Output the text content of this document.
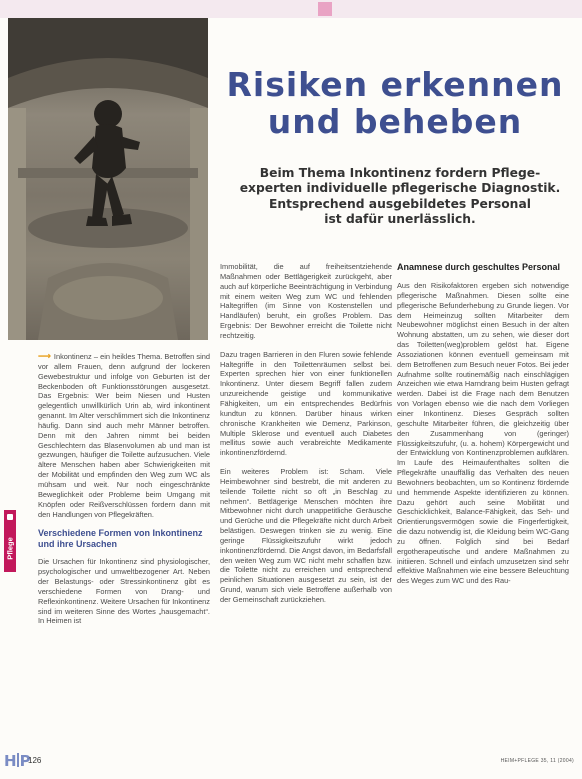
Risiken erkennen
und beheben
Beim Thema Inkontinenz fordern Pflege-
experten individuelle pflegerische Diagnostik.
Entsprechend ausgebildetes Personal
ist dafür unerlässlich.

⟶ Inkontinenz – ein heikles Thema. Betroffen sind vor allem Frauen, denn aufgrund der lockeren Gewebestruktur und infolge von Geburten ist der Beckenboden oft Funktionsstörungen ausgesetzt. Das Ergebnis: Wer beim Niesen und Husten gelegentlich unwillkürlich Urin ab, wird inkontinent genannt. Im Alter verschlimmert sich die Inkontinenz häufig. Dann sind auch mehr Männer betroffen. Denn mit den Jahren nimmt bei beiden Geschlechtern das Blasenvolumen ab und man ist gezwungen, häufiger die Toilette aufzusuchen. Viele ältere Menschen haben aber Schwierigkeiten mit der Mobilität und empfinden den Weg zum WC als mühsam und weit. Nur noch eingeschränkte Beweglichkeit oder Probleme beim Umgang mit Knöpfen oder Reißverschlüssen fordern dann mit den Handlungen von Pflegekräften.

Verschiedene Formen von Inkontinenz und ihre Ursachen

Die Ursachen für Inkontinenz sind physiologischer, psychologischer und umweltbezogener Art. Neben der Belastungs- oder Stressinkontinenz gibt es verschiedene Formen von Drang- und Reflexinkontinenz. Weitere Ursachen für Inkontinenz sind im weiteren Sinne des Wortes „hausgemacht“. In Heimen ist

Immobilität, die auf freiheitsentziehende Maßnahmen oder Bettlägerigkeit zurückgeht, aber auch auf körperliche Beeinträchtigung in Verbindung mit einem weiten Weg zum WC und fehlenden Haltegriffen (im Sinne von Kostenstellen und Handläufen) beruht, ein großes Problem. Das Ergebnis: Der Bewohner erreicht die Toilette nicht rechtzeitig.

Dazu tragen Barrieren in den Fluren sowie fehlende Haltegriffe in den Toilettenräumen selbst bei. Experten sprechen hier von einer funktionellen Inkontinenz. Unter diesem Begriff fallen zudem unzureichende geistige und kommunikative Fähigkeiten, um ein entsprechendes Bedürfnis kundtun zu können. Darüber hinaus wirken chronische Krankheiten wie Demenz, Parkinson, Multiple Sklerose und eventuell auch Diabetes mellitus sowie auch verabreichte Medikamente inkontinenzfördernd.

Ein weiteres Problem ist: Scham. Viele Heimbewohner sind bestrebt, die mit anderen zu teilende Toilette nicht so oft „in Beschlag zu nehmen“. Bettlägerige Menschen möchten ihre Mitbewohner nicht durch unappetitliche Geräusche und Gerüche und die Pflegekräfte nicht durch Arbeit belästigen. Deswegen trinken sie zu wenig. Eine geringe Flüssigkeitszufuhr wirkt jedoch inkontinenzfördernd. Die Angst davon, im Bedarfsfall den weiten Weg zum WC nicht mehr schaffen bzw. die Toilette nicht zu erreichen und entsprechend peinlichen Situationen ausgesetzt zu sein, ist der Grund, warum sich viele Betroffene außerhalb von der Gemeinschaft zurückziehen.

Anamnese durch geschultes Personal

Aus den Risikofaktoren ergeben sich notwendige pflegerische Maßnahmen. Diesen sollte eine pflegerische Befunderhebung zu Grunde liegen. Vor dem Heimeinzug sollten Mitarbeiter dem Neubewohner möglichst einen Besuch in der alten Wohnung abstatten, um zu sehen, wie dieser dort das Toiletten(weg)problem gelöst hat. Eigene Assoziationen können eventuell gemeinsam mit dem Betroffenen zum Besuch neuer Fotos. Bei jeder Aufnahme sollte routinemäßig nach einschlägigen Anzeichen wie etwa Harndrang beim Husten gefragt werden. Dabei ist die Frage nach dem Benutzen von Vorlagen ebenso wie die nach dem Vorliegen einer Inkontinenz. Dieses Gespräch sollten geschulte Mitarbeiter führen, die gleichzeitig über den Zusammenhang von (geringer) Flüssigkeitszufuhr, (u. a. hohem) Körpergewicht und der Entwicklung von Kontinenzproblemen aufklären. Im Laufe des Heimaufenthaltes sollten die Pflegekräfte unauffällig das Verhalten des neuen Bewohners beobachten, um so Kontinenz fördernde und hemmende Aspekte identifizieren zu können. Dazu gehört auch seine Mobilität und Geschicklichkeit, Balance-Fähigkeit, das Seh- und Orientierungsvermögen sowie die Fingerfertigkeit, die dazu notwendig ist, die Kleidung beim WC-Gang zu öffnen. Folglich sind bei Bedarf ergotherapeutische und andere Maßnahmen zu initiieren. Schnell und einfach umzusetzen sind sehr effektive Maßnahmen wie eine bessere Beleuchtung des Weges zum WC und des Rau-

Pflege
H P
126	HEIM+PFLEGE 35, 11 (2004)
